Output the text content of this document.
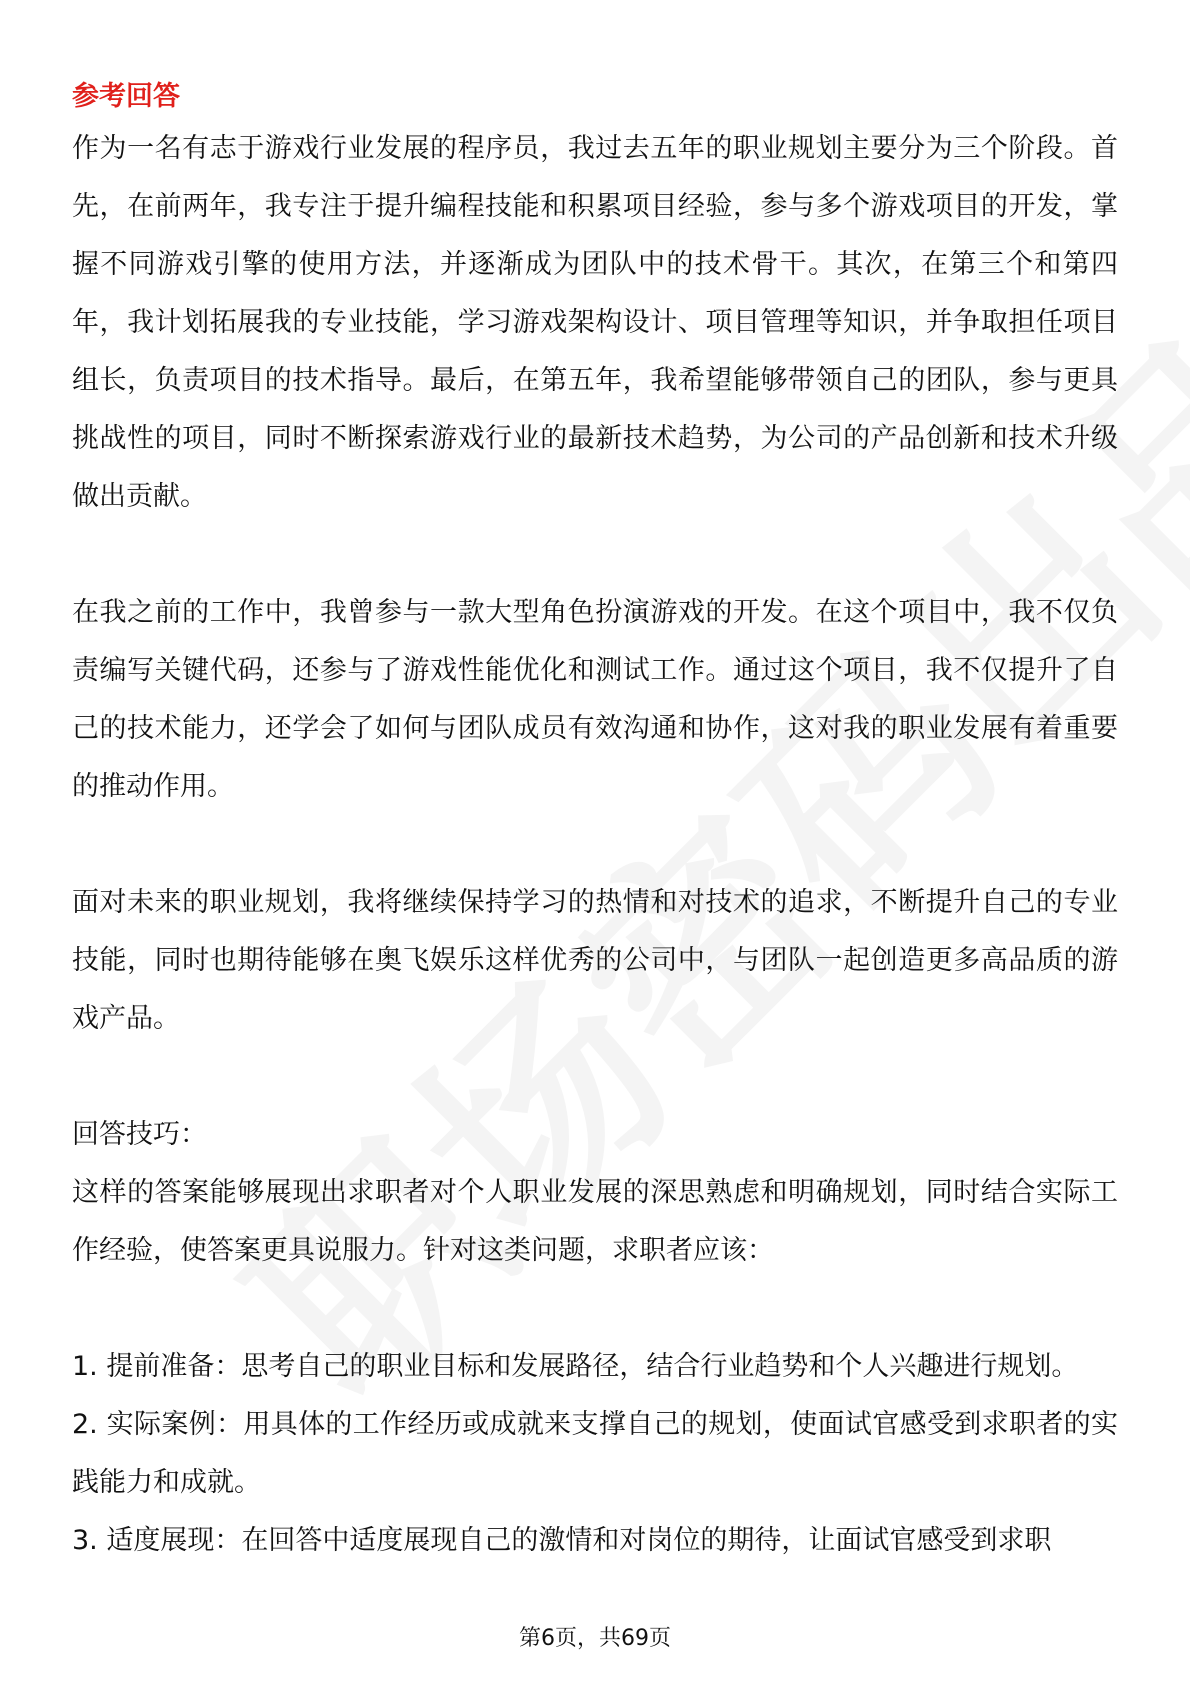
参考回答

作为一名有志于游戏行业发展的程序员，我过去五年的职业规划主要分为三个阶段。首先，在前两年，我专注于提升编程技能和积累项目经验，参与多个游戏项目的开发，掌握不同游戏引擎的使用方法，并逐渐成为团队中的技术骨干。其次，在第三个和第四年，我计划拓展我的专业技能，学习游戏架构设计、项目管理等知识，并争取担任项目组长，负责项目的技术指导。最后，在第五年，我希望能够带领自己的团队，参与更具挑战性的项目，同时不断探索游戏行业的最新技术趋势，为公司的产品创新和技术升级做出贡献。

在我之前的工作中，我曾参与一款大型角色扮演游戏的开发。在这个项目中，我不仅负责编写关键代码，还参与了游戏性能优化和测试工作。通过这个项目，我不仅提升了自己的技术能力，还学会了如何与团队成员有效沟通和协作，这对我的职业发展有着重要的推动作用。

面对未来的职业规划，我将继续保持学习的热情和对技术的追求，不断提升自己的专业技能，同时也期待能够在奥飞娱乐这样优秀的公司中，与团队一起创造更多高品质的游戏产品。

回答技巧：

这样的答案能够展现出求职者对个人职业发展的深思熟虑和明确规划，同时结合实际工作经验，使答案更具说服力。针对这类问题，求职者应该：

1. 提前准备：思考自己的职业目标和发展路径，结合行业趋势和个人兴趣进行规划。

2. 实际案例：用具体的工作经历或成就来支撑自己的规划，使面试官感受到求职者的实践能力和成就。

3. 适度展现：在回答中适度展现自己的激情和对岗位的期待，让面试官感受到求职

第6页，共69页
